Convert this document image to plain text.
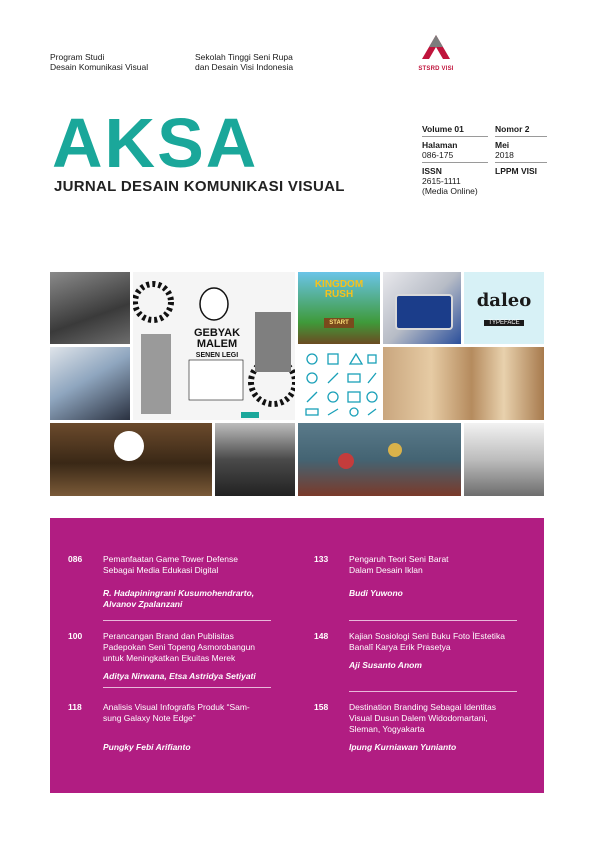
Program Studi
Desain Komunikasi Visual
Sekolah Tinggi Seni Rupa
dan Desain Visi Indonesia	STSRD VISI
AKSA
JURNAL DESAIN KOMUNIKASI VISUAL
Volume 01
Halaman
086-175
ISSN
2615-1111
(Media Online)
Nomor 2
Mei
2018
LPPM VISI
GEBYAK
MALEM
SENEN LEGI
KINGDOM RUSH
START
daleo
TYPEFACE
086 Pemanfaatan Game Tower Defense
Sebagai Media Edukasi Digital
R. Hadapiningrani Kusumohendrarto,
Alvanov Zpalanzani
100 Perancangan Brand dan Publisitas
Padepokan Seni Topeng Asmorobangun
untuk Meningkatkan Ekuitas Merek
Aditya Nirwana, Etsa Astridya Setiyati
118	Analisis Visual Infografis Produk “Sam-
sung Galaxy Note Edge”
Pungky Febi Arifianto
133 Pengaruh Teori Seni Barat
Dalam Desain Iklan
Budi Yuwono
148 Kajian Sosiologi Seni Buku Foto ÌEstetika
Banalî Karya Erik Prasetya
Aji Susanto Anom
158 Destination Branding Sebagai Identitas
Visual Dusun Dalem Widodomartani,
Sleman, Yogyakarta
Ipung Kurniawan Yunianto
